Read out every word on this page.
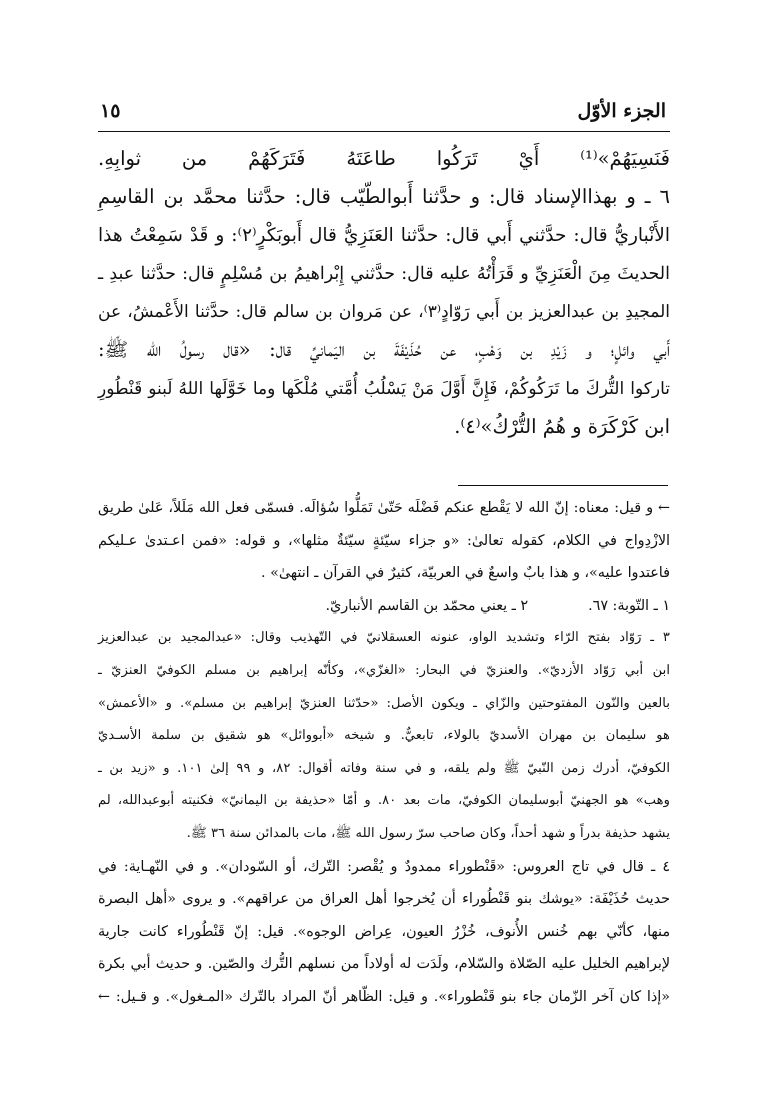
الجزء الأوّل
١٥
فَنَسِيَهُمْ»⁽¹⁾ أَيْ تَرَكُوا طاعَتَهُ فَتَرَكَهُمْ من ثوابِهِ.
٦ ـ و بهذاالإسناد قال: و حدَّثنا أَبوالطّيّب قال: حدَّثنا محمَّد بن القاسِمِ
الأَنْباريُّ قال: حدَّثني أَبي قال: حدَّثنا العَنَزِيُّ قال أَبوبَكْرٍ⁽٢⁾: و قَدْ سَمِعْتُ هذا
الحديثَ مِنَ الْعَنَزِيِّ و قَرَأْتُهُ عليه قال: حدَّثني إِبْراهيمُ بن مُسْلِمٍ قال: حدَّثنا عبدِ ـ
المجيدِ بن عبدالعزيز بن أَبي رَوّادٍ⁽٣⁾، عن مَروان بن سالم قال: حدَّثنا الأَعْمشُ، عن
أَبي وائلٍ؛ و زَيْدِ بن وَهْبٍ، عن حُذَيْفَةَ بن اليَمانيِّ قال: «قال رسولُ الله ﷺ:
تاركوا التُّركَ ما تَرَكُوكُمْ، فَإِنَّ أَوَّلَ مَنْ يَسْلُبُ أُمَّتي مُلْكَها وما خَوَّلَها اللهُ لَبنو قَنْطُورِ
ابن كَرْكَرَة و هُمُ التُّرْكُ»⁽٤⁾.
← و قيل: معناه: إنّ الله لا يَقْطع عنكم فَضْلَه حَتّىٰ تَمَلُّوا سُؤالَه. فسمّى فعل الله مَلَلاً، عَلىٰ طريق
الازْدِواج في الكلام، كقوله تعالىٰ: «و جزاء سيّئةٍ سيّئةٌ مثلها»، و قوله: «فمن اعـتدىٰ عـليكم
فاعتدوا عليه»، و هذا بابٌ واسعٌ في العربيّة، كثيرٌ في القرآن ـ انتهىٰ» .
١ ـ التّوبة: ٦٧.٢ ـ يعني محمّد بن القاسم الأنباريّ.
٣ ـ رَوّاد بفتح الرّاء وتشديد الواو، عنونه العسقلانيّ في التّهذيب وقال: «عبدالمجيد بن عبدالعزيز
ابن أبي رَوّاد الأزديّ». والعنزيّ في البحار: «الغزّي»، وكأنّه إبراهيم بن مسلم الكوفيّ العنزيّ ـ
بالعين والنّون المفتوحتين والزّاي ـ ويكون الأصل: «حدّثنا العنزيّ إبراهيم بن مسلم». و «الأعمش»
هو سليمان بن مهران الأسديّ بالولاء، تابعيٌّ. و شيخه «أبووائل» هو شقيق بن سلمة الأسـديّ
الكوفيّ، أدرك زمن النّبيّ ﷺ ولم يلقه، و في سنة وفاته أقوال: ٨٢، و ٩٩ إلىٰ ١٠١. و «زيد بن ـ
وهب» هو الجهنيّ أبوسليمان الكوفيّ، مات بعد ٨٠. و أمّا «حذيفة بن اليمانيّ» فكنيته أبوعبدالله، لم
يشهد حذيفة بدراً و شهد أحداً، وكان صاحب سرّ رسول الله ﷺ، مات بالمدائن سنة ٣٦ ﷺ.
٤ ـ قال في تاج العروس: «قَنْطوراء ممدودٌ و يُقْصر: التّرك، أو السّودان». و في النّهـاية: في
حديث حُذَيْفَة: «يوشك بنو قَنْطُوراء أن يُخرجوا أهل العراق من عراقهم». و يروى «أهل البصرة
منها، كأنّي بهم خُنس الأُنوف، خُزْرُ العيون، عِراض الوجوه». قيل: إنّ قَنْطُوراء كانت جارية
لإبراهيم الخليل عليه الصّلاة والسّلام، ولَدَت له أولاداً من نسلهم التُّرك والصّين. و حديث أبي بكرة
«إذا كان آخر الزّمان جاء بنو قَنْطوراء». و قيل: الظّاهر أنّ المراد بالتّرك «المـغول». و قـيل: ←
